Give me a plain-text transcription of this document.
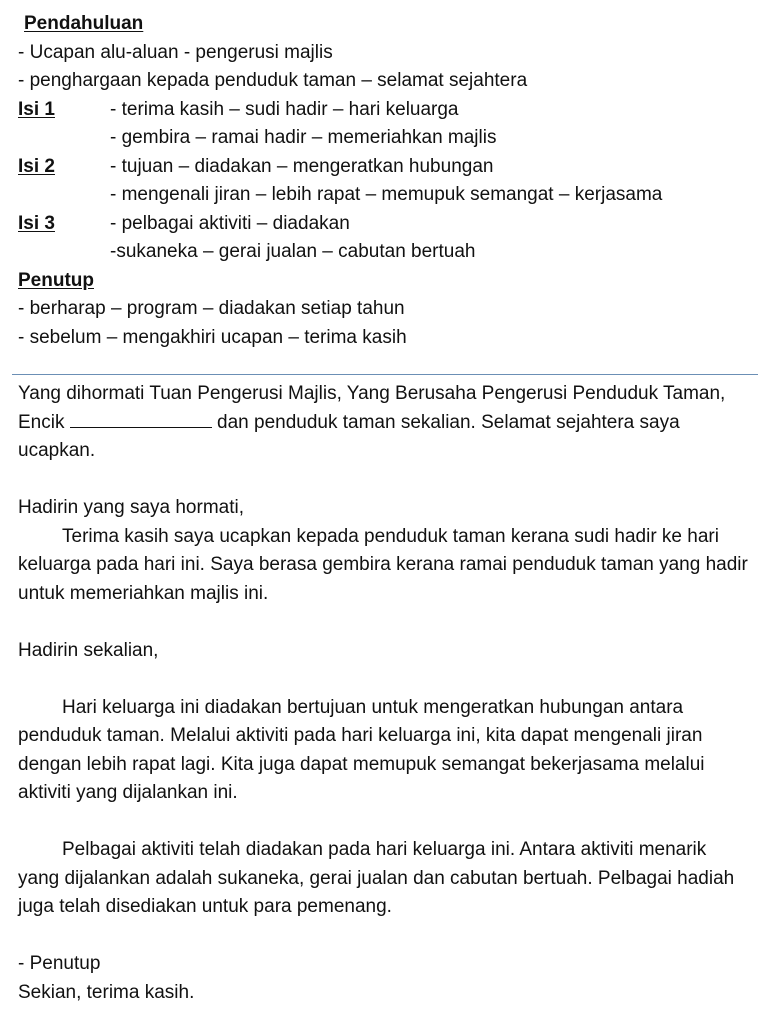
Pendahuluan
- Ucapan alu-aluan - pengerusi majlis
- penghargaan kepada penduduk taman – selamat sejahtera
Isi 1	- terima kasih – sudi hadir – hari keluarga
- gembira – ramai hadir – memeriahkan majlis
Isi 2	- tujuan – diadakan – mengeratkan hubungan
- mengenali jiran – lebih rapat – memupuk semangat – kerjasama
Isi 3	- pelbagai aktiviti – diadakan
-sukaneka – gerai jualan – cabutan bertuah
Penutup
- berharap – program – diadakan setiap tahun
- sebelum – mengakhiri ucapan – terima kasih

Yang dihormati Tuan Pengerusi Majlis, Yang Berusaha Pengerusi Penduduk Taman, Encik	dan penduduk taman sekalian. Selamat sejahtera saya ucapkan.

Hadirin yang saya hormati,

Terima kasih saya ucapkan kepada penduduk taman kerana sudi hadir ke hari keluarga pada hari ini. Saya berasa gembira kerana ramai penduduk taman yang hadir untuk memeriahkan majlis ini.

Hadirin sekalian,

Hari keluarga ini diadakan bertujuan untuk mengeratkan hubungan antara penduduk taman. Melalui aktiviti pada hari keluarga ini, kita dapat mengenali jiran dengan lebih rapat lagi. Kita juga dapat memupuk semangat bekerjasama melalui aktiviti yang dijalankan ini.

Pelbagai aktiviti telah diadakan pada hari keluarga ini. Antara aktiviti menarik yang dijalankan adalah sukaneka, gerai jualan dan cabutan bertuah. Pelbagai hadiah juga telah disediakan untuk para pemenang.

- Penutup

Sekian, terima kasih.
